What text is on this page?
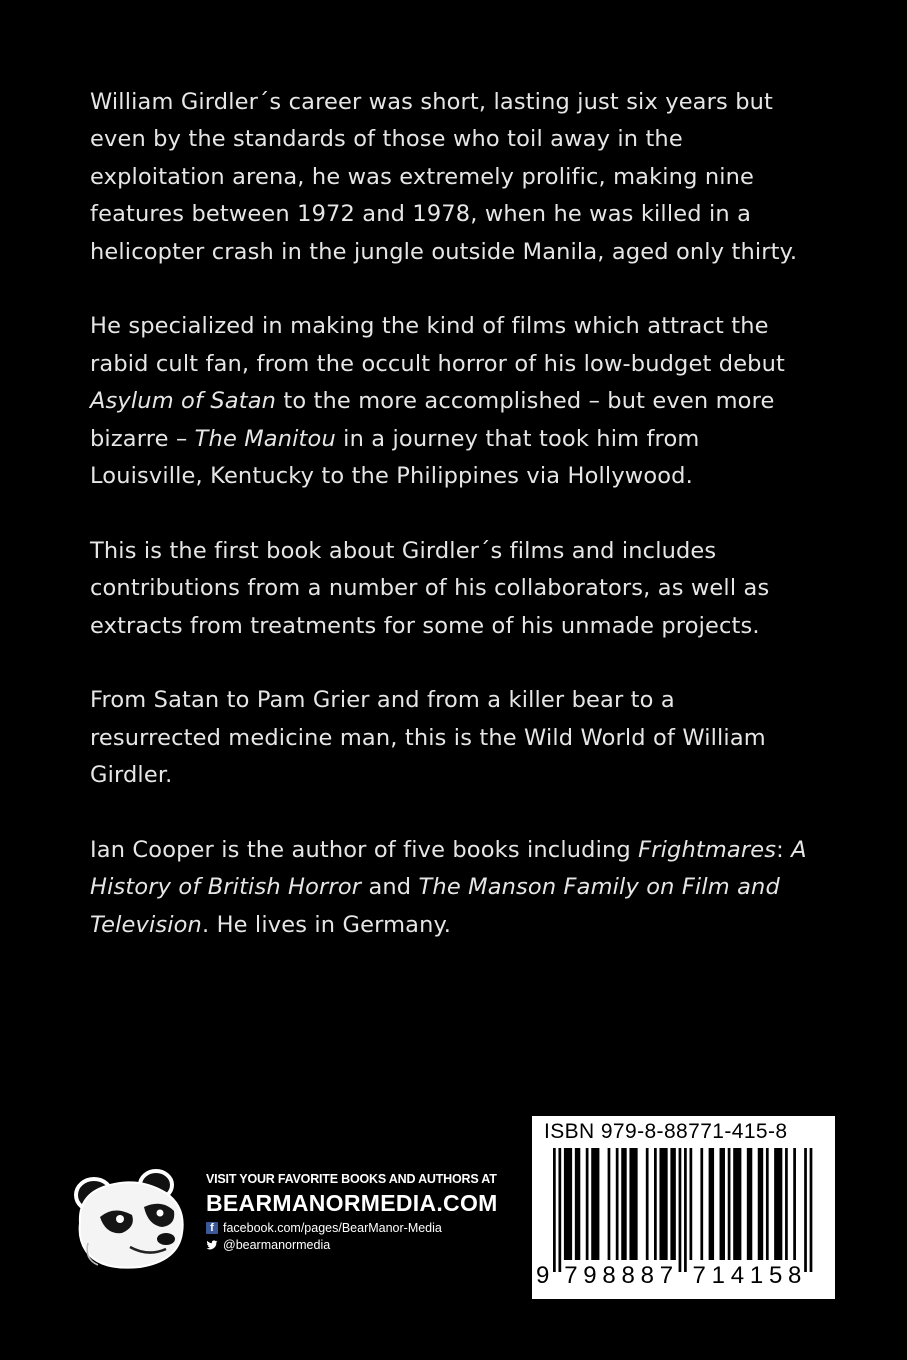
William Girdler´s career was short, lasting just six years but even by the standards of those who toil away in the exploitation arena, he was extremely prolific, making nine features between 1972 and 1978, when he was killed in a helicopter crash in the jungle outside Manila, aged only thirty.

He specialized in making the kind of films which attract the rabid cult fan, from the occult horror of his low-budget debut Asylum of Satan to the more accomplished – but even more bizarre – The Manitou in a journey that took him from Louisville, Kentucky to the Philippines via Hollywood.

This is the first book about Girdler´s films and includes contributions from a number of his collaborators, as well as extracts from treatments for some of his unmade projects.

From Satan to Pam Grier and from a killer bear to a resurrected medicine man, this is the Wild World of William Girdler.

Ian Cooper is the author of five books including Frightmares: A History of British Horror and The Manson Family on Film and Television. He lives in Germany.

VISIT YOUR FAVORITE BOOKS AND AUTHORS AT
BEARMANORMEDIA.COM
f facebook.com/pages/BearManor-Media
@bearmanormedia
ISBN 979-8-88771-415-8
9 7 9 8 8 8 7 7 1 4 1 5 8
